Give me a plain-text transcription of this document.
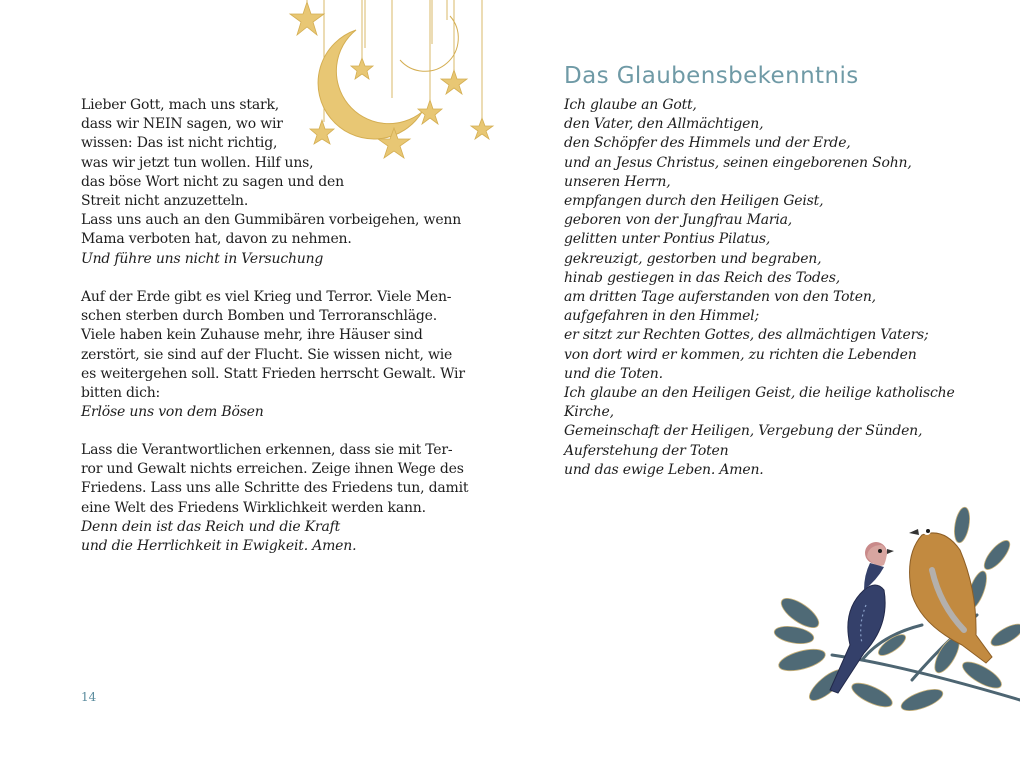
Lieber Gott, mach uns stark,
dass wir NEIN sagen, wo wir
wissen: Das ist nicht richtig,
was wir jetzt tun wollen. Hilf uns,
das böse Wort nicht zu sagen und den
Streit nicht anzuzetteln.
Lass uns auch an den Gummibären vorbeigehen, wenn
Mama verboten hat, davon zu nehmen.
Und führe uns nicht in Versuchung
Auf der Erde gibt es viel Krieg und Terror. Viele Men-
schen sterben durch Bomben und Terroranschläge.
Viele haben kein Zuhause mehr, ihre Häuser sind
zerstört, sie sind auf der Flucht. Sie wissen nicht, wie
es weitergehen soll. Statt Frieden herrscht Gewalt. Wir
bitten dich:
Erlöse uns von dem Bösen
Lass die Verantwortlichen erkennen, dass sie mit Ter-
ror und Gewalt nichts erreichen. Zeige ihnen Wege des
Friedens. Lass uns alle Schritte des Friedens tun, damit
eine Welt des Friedens Wirklichkeit werden kann.
Denn dein ist das Reich und die Kraft
und die Herrlichkeit in Ewigkeit. Amen.
14
Das Glaubensbekenntnis
Ich glaube an Gott,
den Vater, den Allmächtigen,
den Schöpfer des Himmels und der Erde,
und an Jesus Christus, seinen eingeborenen Sohn,
unseren Herrn,
empfangen durch den Heiligen Geist,
geboren von der Jungfrau Maria,
gelitten unter Pontius Pilatus,
gekreuzigt, gestorben und begraben,
hinab gestiegen in das Reich des Todes,
am dritten Tage auferstanden von den Toten,
aufgefahren in den Himmel;
er sitzt zur Rechten Gottes, des allmächtigen Vaters;
von dort wird er kommen, zu richten die Lebenden
und die Toten.
Ich glaube an den Heiligen Geist, die heilige katholische
Kirche,
Gemeinschaft der Heiligen, Vergebung der Sünden,
Auferstehung der Toten
und das ewige Leben. Amen.
